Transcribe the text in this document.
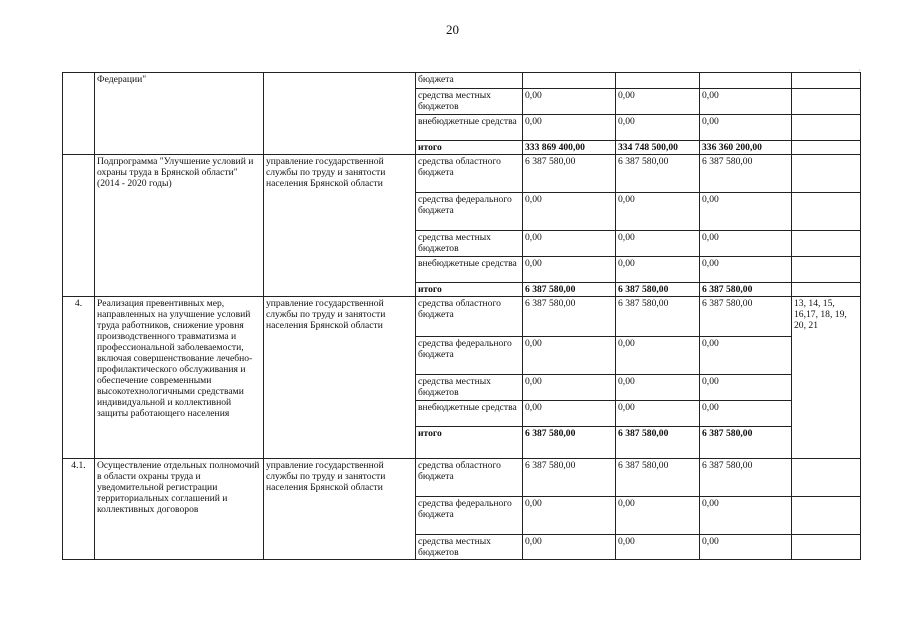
20
·
	Федерации"		бюджета				
			средства местных бюджетов	0,00	0,00	0,00	
			внебюджетные средства	0,00	0,00	0,00	
			итого	333 869 400,00	334 748 500,00	336 360 200,00	
	Подпрограмма "Улучшение условий и охраны труда в Брянской области" (2014 - 2020 годы)	управление государственной службы по труду и занятости населения Брянской области	средства областного бюджета	6 387 580,00	6 387 580,00	6 387 580,00	
			средства федерального бюджета	0,00	0,00	0,00	
			средства местных бюджетов	0,00	0,00	0,00	
			внебюджетные средства	0,00	0,00	0,00	
			итого	6 387 580,00	6 387 580,00	6 387 580,00	
4.	Реализация превентивных мер, направленных на улучшение условий труда работников, снижение уровня производственного травматизма и профессиональной заболеваемости, включая совершенствование лечебно-профилактического обслуживания и обеспечение современными высокотехнологичными средствами индивидуальной и коллективной защиты работающего населения	управление государственной службы по труду и занятости населения Брянской области	средства областного бюджета	6 387 580,00	6 387 580,00	6 387 580,00	13, 14, 15, 16,17, 18, 19, 20, 21
			средства федерального бюджета	0,00	0,00	0,00	
			средства местных бюджетов	0,00	0,00	0,00	
			внебюджетные средства	0,00	0,00	0,00	
			итого	6 387 580,00	6 387 580,00	6 387 580,00	
4.1.	Осуществление отдельных полномочий в области охраны труда и уведомительной регистрации территориальных соглашений и коллективных договоров	управление государственной службы по труду и занятости населения Брянской области	средства областного бюджета	6 387 580,00	6 387 580,00	6 387 580,00	
			средства федерального бюджета	0,00	0,00	0,00	
			средства местных бюджетов	0,00	0,00	0,00	
